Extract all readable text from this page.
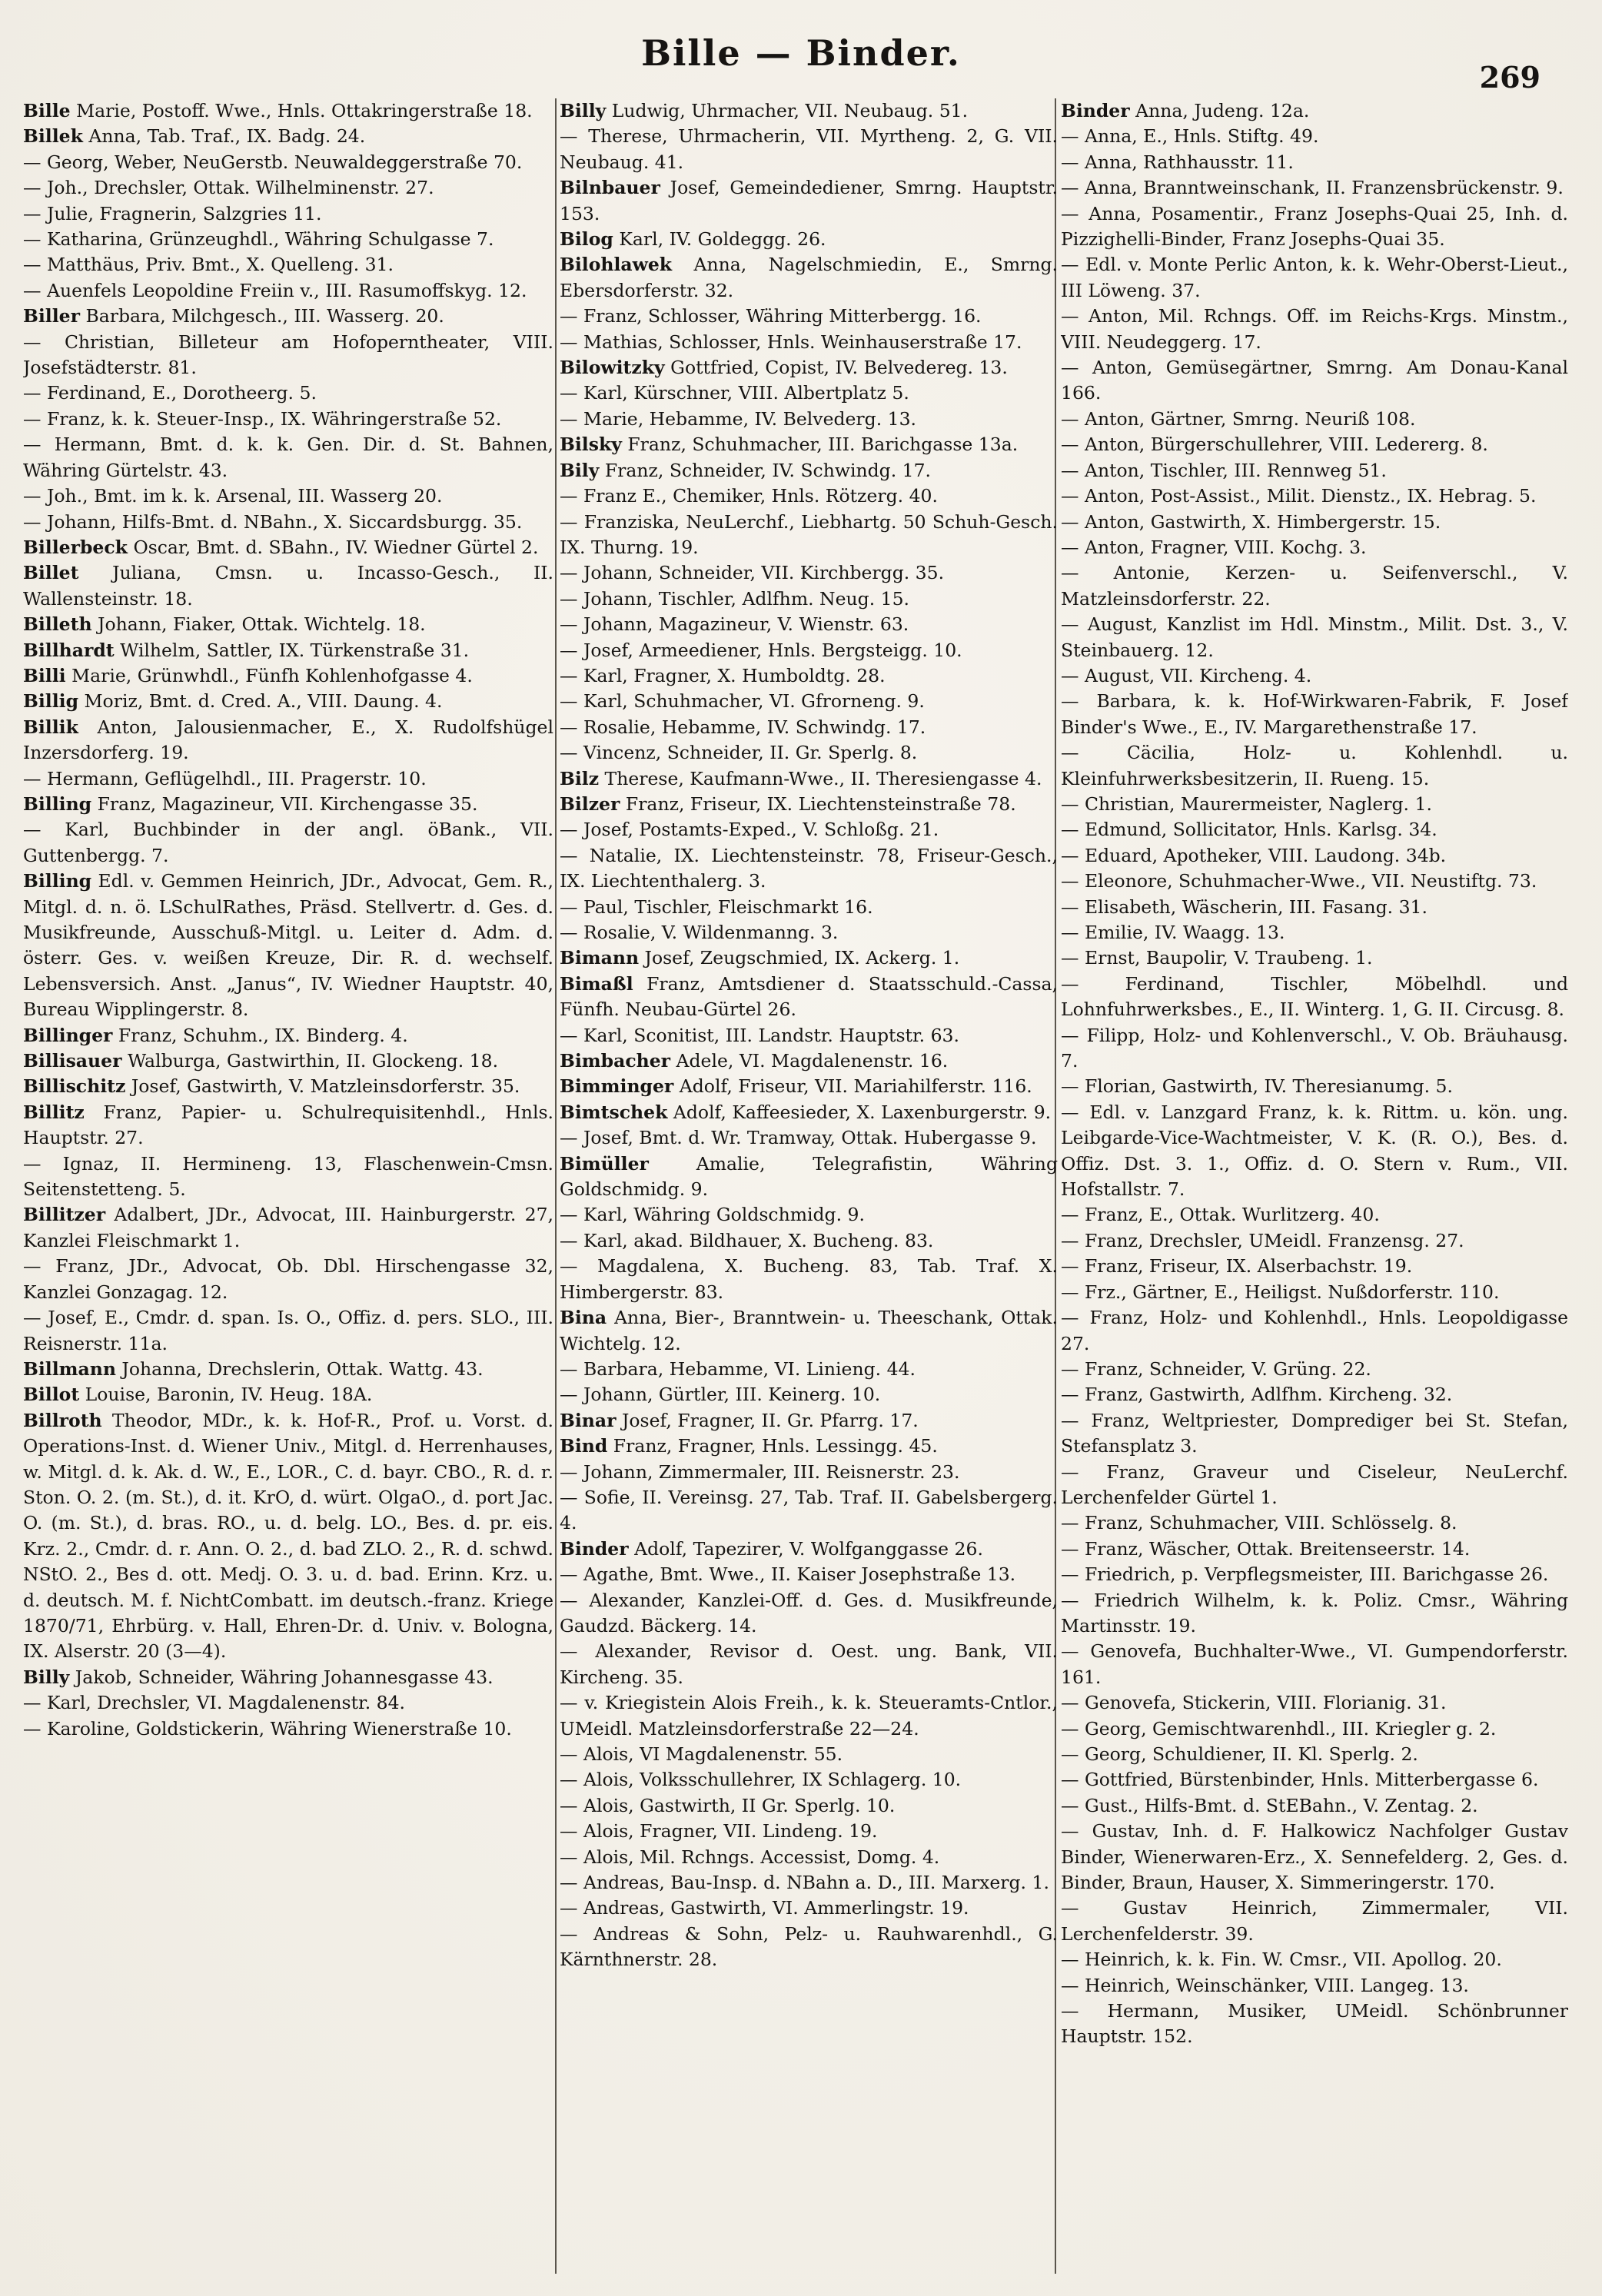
Bille — Binder.
269

Bille Marie, Postoff. Wwe., Hnls. Ottakringerstraße 18.

Billek Anna, Tab. Traf., IX. Badg. 24.

— Georg, Weber, NeuGerstb. Neuwaldeggerstraße 70.

— Joh., Drechsler, Ottak. Wilhelminenstr. 27.

— Julie, Fragnerin, Salzgries 11.

— Katharina, Grünzeughdl., Währing Schulgasse 7.

— Matthäus, Priv. Bmt., X. Quelleng. 31.

— Auenfels Leopoldine Freiin v., III. Rasumoffskyg. 12.

Biller Barbara, Milchgesch., III. Wasserg. 20.

— Christian, Billeteur am Hofoperntheater, VIII. Josefstädterstr. 81.

— Ferdinand, E., Dorotheerg. 5.

— Franz, k. k. Steuer-Insp., IX. Währingerstraße 52.

— Hermann, Bmt. d. k. k. Gen. Dir. d. St. Bahnen, Währing Gürtelstr. 43.

— Joh., Bmt. im k. k. Arsenal, III. Wasserg 20.

— Johann, Hilfs-Bmt. d. NBahn., X. Siccardsburgg. 35.

Billerbeck Oscar, Bmt. d. SBahn., IV. Wiedner Gürtel 2.

Billet Juliana, Cmsn. u. Incasso-Gesch., II. Wallensteinstr. 18.

Billeth Johann, Fiaker, Ottak. Wichtelg. 18.

Billhardt Wilhelm, Sattler, IX. Türkenstraße 31.

Billi Marie, Grünwhdl., Fünfh Kohlenhofgasse 4.

Billig Moriz, Bmt. d. Cred. A., VIII. Daung. 4.

Billik Anton, Jalousienmacher, E., X. Rudolfshügel Inzersdorferg. 19.

— Hermann, Geflügelhdl., III. Pragerstr. 10.

Billing Franz, Magazineur, VII. Kirchengasse 35.

— Karl, Buchbinder in der angl. öBank., VII. Guttenbergg. 7.

Billing Edl. v. Gemmen Heinrich, JDr., Advocat, Gem. R., Mitgl. d. n. ö. LSchulRathes, Präsd. Stellvertr. d. Ges. d. Musikfreunde, Ausschuß-Mitgl. u. Leiter d. Adm. d. österr. Ges. v. weißen Kreuze, Dir. R. d. wechself. Lebensversich. Anst. „Janus“, IV. Wiedner Hauptstr. 40, Bureau Wipplingerstr. 8.

Billinger Franz, Schuhm., IX. Binderg. 4.

Billisauer Walburga, Gastwirthin, II. Glockeng. 18.

Billischitz Josef, Gastwirth, V. Matzleinsdorferstr. 35.

Billitz Franz, Papier- u. Schulrequisitenhdl., Hnls. Hauptstr. 27.

— Ignaz, II. Hermineng. 13, Flaschenwein-Cmsn. Seitenstetteng. 5.

Billitzer Adalbert, JDr., Advocat, III. Hainburgerstr. 27, Kanzlei Fleischmarkt 1.

— Franz, JDr., Advocat, Ob. Dbl. Hirschengasse 32, Kanzlei Gonzagag. 12.

— Josef, E., Cmdr. d. span. Is. O., Offiz. d. pers. SLO., III. Reisnerstr. 11a.

Billmann Johanna, Drechslerin, Ottak. Wattg. 43.

Billot Louise, Baronin, IV. Heug. 18A.

Billroth Theodor, MDr., k. k. Hof-R., Prof. u. Vorst. d. Operations-Inst. d. Wiener Univ., Mitgl. d. Herrenhauses, w. Mitgl. d. k. Ak. d. W., E., LOR., C. d. bayr. CBO., R. d. r. Ston. O. 2. (m. St.), d. it. KrO, d. würt. OlgaO., d. port Jac. O. (m. St.), d. bras. RO., u. d. belg. LO., Bes. d. pr. eis. Krz. 2., Cmdr. d. r. Ann. O. 2., d. bad ZLO. 2., R. d. schwd. NStO. 2., Bes d. ott. Medj. O. 3. u. d. bad. Erinn. Krz. u. d. deutsch. M. f. NichtCombatt. im deutsch.-franz. Kriege 1870/71, Ehrbürg. v. Hall, Ehren-Dr. d. Univ. v. Bologna, IX. Alserstr. 20 (3—4).

Billy Jakob, Schneider, Währing Johannesgasse 43.

— Karl, Drechsler, VI. Magdalenenstr. 84.

— Karoline, Goldstickerin, Währing Wienerstraße 10.

Billy Ludwig, Uhrmacher, VII. Neubaug. 51.

— Therese, Uhrmacherin, VII. Myrtheng. 2, G. VII. Neubaug. 41.

Bilnbauer Josef, Gemeindediener, Smrng. Hauptstr. 153.

Bilog Karl, IV. Goldeggg. 26.

Bilohlawek Anna, Nagelschmiedin, E., Smrng. Ebersdorferstr. 32.

— Franz, Schlosser, Währing Mitterbergg. 16.

— Mathias, Schlosser, Hnls. Weinhauserstraße 17.

Bilowitzky Gottfried, Copist, IV. Belvedereg. 13.

— Karl, Kürschner, VIII. Albertplatz 5.

— Marie, Hebamme, IV. Belvederg. 13.

Bilsky Franz, Schuhmacher, III. Barichgasse 13a.

Bily Franz, Schneider, IV. Schwindg. 17.

— Franz E., Chemiker, Hnls. Rötzerg. 40.

— Franziska, NeuLerchf., Liebhartg. 50 Schuh-Gesch. IX. Thurng. 19.

— Johann, Schneider, VII. Kirchbergg. 35.

— Johann, Tischler, Adlfhm. Neug. 15.

— Johann, Magazineur, V. Wienstr. 63.

— Josef, Armeediener, Hnls. Bergsteigg. 10.

— Karl, Fragner, X. Humboldtg. 28.

— Karl, Schuhmacher, VI. Gfrorneng. 9.

— Rosalie, Hebamme, IV. Schwindg. 17.

— Vincenz, Schneider, II. Gr. Sperlg. 8.

Bilz Therese, Kaufmann-Wwe., II. Theresiengasse 4.

Bilzer Franz, Friseur, IX. Liechtensteinstraße 78.

— Josef, Postamts-Exped., V. Schloßg. 21.

— Natalie, IX. Liechtensteinstr. 78, Friseur-Gesch., IX. Liechtenthalerg. 3.

— Paul, Tischler, Fleischmarkt 16.

— Rosalie, V. Wildenmanng. 3.

Bimann Josef, Zeugschmied, IX. Ackerg. 1.

Bimaßl Franz, Amtsdiener d. Staatsschuld.-Cassa, Fünfh. Neubau-Gürtel 26.

— Karl, Sconitist, III. Landstr. Hauptstr. 63.

Bimbacher Adele, VI. Magdalenenstr. 16.

Bimminger Adolf, Friseur, VII. Mariahilferstr. 116.

Bimtschek Adolf, Kaffeesieder, X. Laxenburgerstr. 9.

— Josef, Bmt. d. Wr. Tramway, Ottak. Hubergasse 9.

Bimüller	Amalie, Telegrafistin, Währing Goldschmidg. 9.

— Karl, Währing Goldschmidg. 9.

— Karl, akad. Bildhauer, X. Bucheng. 83.

— Magdalena, X. Bucheng. 83, Tab. Traf. X. Himbergerstr. 83.

Bina Anna, Bier-, Branntwein- u. Theeschank, Ottak. Wichtelg. 12.

— Barbara, Hebamme, VI. Linieng. 44.

— Johann, Gürtler, III. Keinerg. 10.

Binar Josef, Fragner, II. Gr. Pfarrg. 17.

Bind Franz, Fragner, Hnls. Lessingg. 45.

— Johann, Zimmermaler, III. Reisnerstr. 23.

— Sofie, II. Vereinsg. 27, Tab. Traf. II. Gabelsbergerg. 4.

Binder Adolf, Tapezirer, V. Wolfganggasse 26.

— Agathe, Bmt. Wwe., II. Kaiser Josephstraße 13.

— Alexander, Kanzlei-Off. d. Ges. d. Musikfreunde, Gaudzd. Bäckerg. 14.

— Alexander, Revisor d. Oest. ung. Bank, VII. Kircheng. 35.

— v. Kriegistein Alois Freih., k. k. Steueramts-Cntlor., UMeidl. Matzleinsdorferstraße 22—24.

— Alois, VI Magdalenenstr. 55.

— Alois, Volksschullehrer, IX Schlagerg. 10.

— Alois, Gastwirth, II Gr. Sperlg. 10.

— Alois, Fragner, VII. Lindeng. 19.

— Alois, Mil. Rchngs. Accessist, Domg. 4.

— Andreas, Bau-Insp. d. NBahn a. D., III. Marxerg. 1.

— Andreas, Gastwirth, VI. Ammerlingstr. 19.

— Andreas & Sohn, Pelz- u. Rauhwarenhdl., G. Kärnthnerstr. 28.

Binder Anna, Judeng. 12a.

— Anna, E., Hnls. Stiftg. 49.

— Anna, Rathhausstr. 11.

— Anna, Branntweinschank, II. Franzensbrückenstr. 9.

— Anna, Posamentir., Franz Josephs-Quai 25, Inh. d. Pizzighelli-Binder, Franz Josephs-Quai 35.

— Edl. v. Monte Perlic Anton, k. k. Wehr-Oberst-Lieut., III Löweng. 37.

— Anton, Mil. Rchngs. Off. im Reichs-Krgs. Minstm., VIII. Neudeggerg. 17.

— Anton, Gemüsegärtner, Smrng. Am Donau-Kanal 166.

— Anton, Gärtner, Smrng. Neuriß 108.

— Anton, Bürgerschullehrer, VIII. Ledererg. 8.

— Anton, Tischler, III. Rennweg 51.

— Anton, Post-Assist., Milit. Dienstz., IX. Hebrag. 5.

— Anton, Gastwirth, X. Himbergerstr. 15.

— Anton, Fragner, VIII. Kochg. 3.

— Antonie, Kerzen- u. Seifenverschl., V. Matzleinsdorferstr. 22.

— August, Kanzlist im Hdl. Minstm., Milit. Dst. 3., V. Steinbauerg. 12.

— August, VII. Kircheng. 4.

— Barbara, k. k. Hof-Wirkwaren-Fabrik, F. Josef Binder's Wwe., E., IV. Margarethenstraße 17.

— Cäcilia, Holz- u. Kohlenhdl. u. Kleinfuhrwerksbesitzerin, II. Rueng. 15.

— Christian, Maurermeister, Naglerg. 1.

— Edmund, Sollicitator, Hnls. Karlsg. 34.

— Eduard, Apotheker, VIII. Laudong. 34b.

— Eleonore, Schuhmacher-Wwe., VII. Neustiftg. 73.

— Elisabeth, Wäscherin, III. Fasang. 31.

— Emilie, IV. Waagg. 13.

— Ernst, Baupolir, V. Traubeng. 1.

— Ferdinand, Tischler, Möbelhdl. und Lohnfuhrwerksbes., E., II. Winterg. 1, G. II. Circusg. 8.

— Filipp, Holz- und Kohlenverschl., V. Ob. Bräuhausg. 7.

— Florian, Gastwirth, IV. Theresianumg. 5.

— Edl. v. Lanzgard Franz, k. k. Rittm. u. kön. ung. Leibgarde-Vice-Wachtmeister, V. K. (R. O.), Bes. d. Offiz. Dst. 3. 1., Offiz. d. O. Stern v. Rum., VII. Hofstallstr. 7.

— Franz, E., Ottak. Wurlitzerg. 40.

— Franz, Drechsler, UMeidl. Franzensg. 27.

— Franz, Friseur, IX. Alserbachstr. 19.

— Frz., Gärtner, E., Heiligst. Nußdorferstr. 110.

— Franz, Holz- und Kohlenhdl., Hnls. Leopoldigasse 27.

— Franz, Schneider, V. Grüng. 22.

— Franz, Gastwirth, Adlfhm. Kircheng. 32.

— Franz, Weltpriester, Domprediger bei St. Stefan, Stefansplatz 3.

— Franz, Graveur und Ciseleur, NeuLerchf. Lerchenfelder Gürtel 1.

— Franz, Schuhmacher, VIII. Schlösselg. 8.

— Franz, Wäscher, Ottak. Breitenseerstr. 14.

— Friedrich, p. Verpflegsmeister, III. Barichgasse 26.

— Friedrich Wilhelm, k. k. Poliz. Cmsr., Währing Martinsstr. 19.

— Genovefa, Buchhalter-Wwe., VI. Gumpendorferstr. 161.

— Genovefa, Stickerin, VIII. Florianig. 31.

— Georg, Gemischtwarenhdl., III. Kriegler g. 2.

— Georg, Schuldiener, II. Kl. Sperlg. 2.

— Gottfried, Bürstenbinder, Hnls. Mitterbergasse 6.

— Gust., Hilfs-Bmt. d. StEBahn., V. Zentag. 2.

— Gustav, Inh. d. F. Halkowicz Nachfolger Gustav Binder, Wienerwaren-Erz., X. Sennefelderg. 2, Ges. d. Binder, Braun, Hauser, X. Simmeringerstr. 170.

— Gustav Heinrich, Zimmermaler, VII. Lerchenfelderstr. 39.

— Heinrich, k. k. Fin. W. Cmsr., VII. Apollog. 20.

— Heinrich, Weinschänker, VIII. Langeg. 13.

— Hermann, Musiker, UMeidl. Schönbrunner Hauptstr. 152.
